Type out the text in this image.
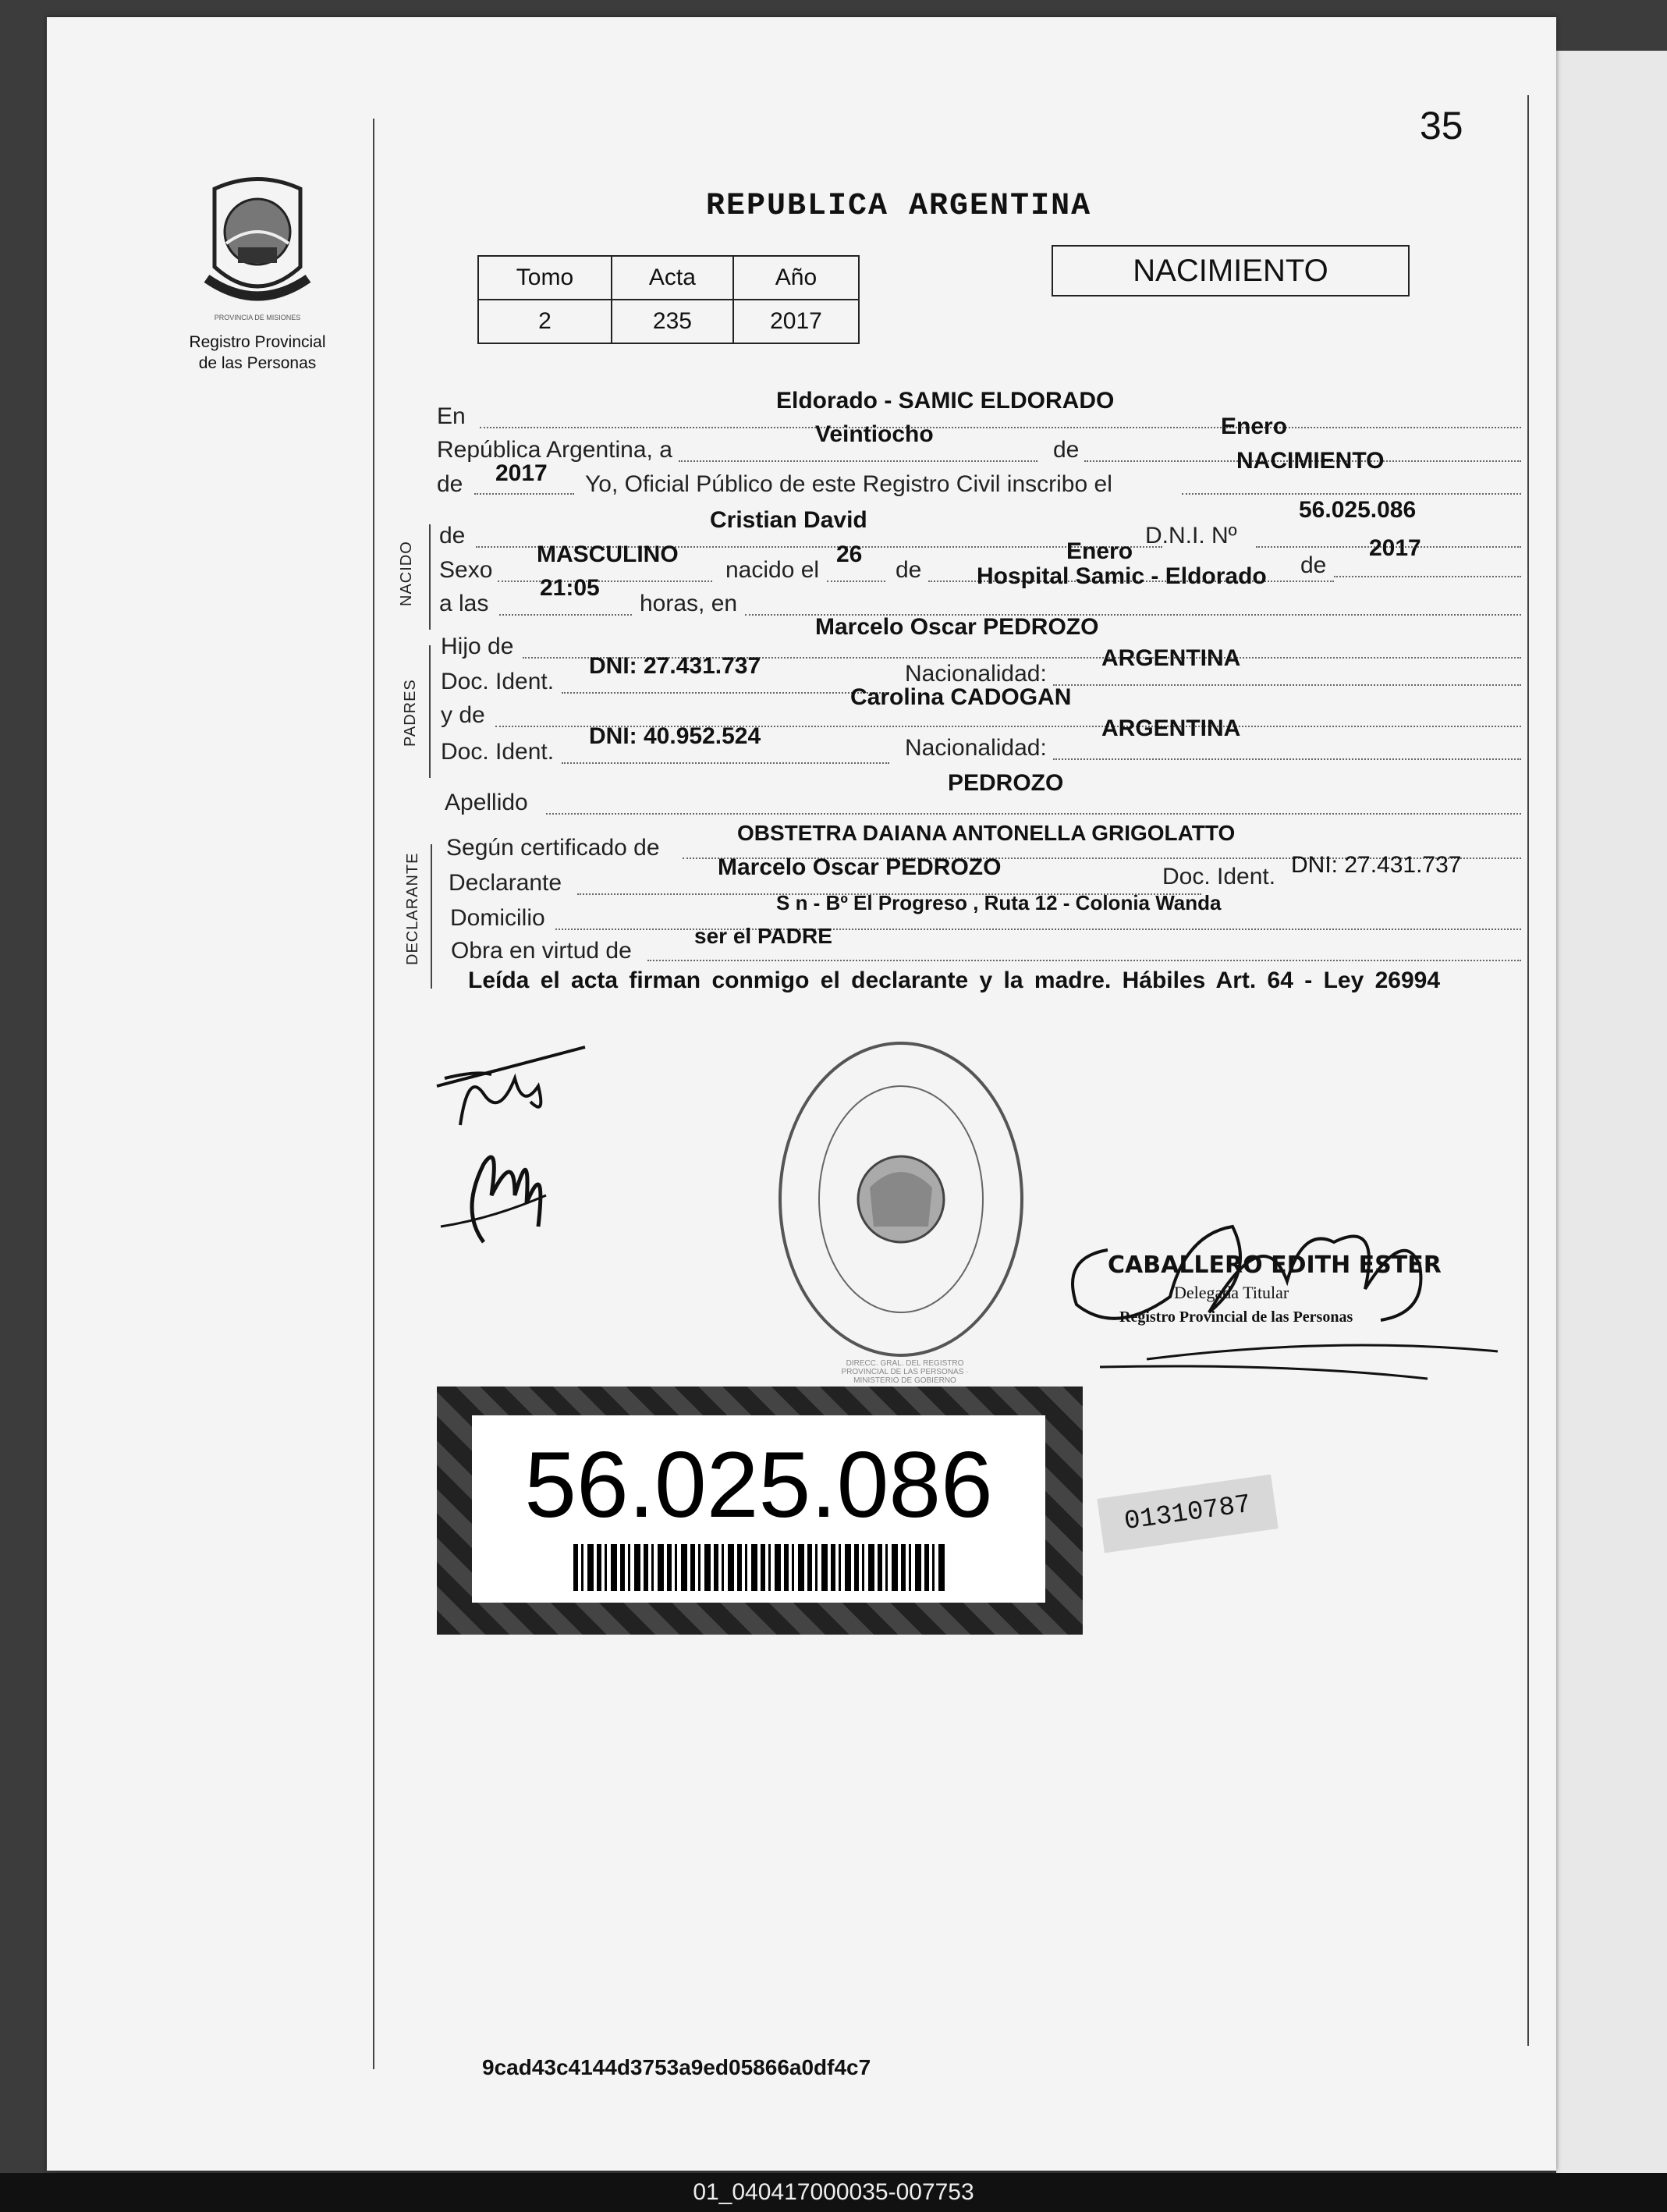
35
PROVINCIA DE MISIONES
Registro Provincial
de las Personas
REPUBLICA ARGENTINA
Tomo	Acta	Año
2	235	2017
NACIMIENTO
En
Eldorado - SAMIC ELDORADO
República Argentina, a
Veintiocho
de
Enero
de 2017 Yo, Oficial Público de este Registro Civil inscribo el
NACIMIENTO
NACIDO
de
Cristian David
D.N.I. Nº
56.025.086
Sexo
MASCULINO
nacido el
26
de
Enero
de
2017
a las
21:05
horas, en
Hospital Samic - Eldorado
PADRES
Hijo de
Marcelo Oscar PEDROZO
Doc. Ident.
DNI: 27.431.737	Nacionalidad:
ARGENTINA
y de
Carolina CADOGAN
Doc. Ident.
DNI: 40.952.524	Nacionalidad:
ARGENTINA
Apellido
PEDROZO
DECLARANTE
Según certificado de
OBSTETRA DAIANA ANTONELLA GRIGOLATTO
Declarante
Marcelo Oscar PEDROZO	Doc. Ident. DNI: 27.431.737
Domicilio
S n - Bº El Progreso , Ruta 12 - Colonia Wanda
Obra en virtud de
ser el PADRE
Leída el acta firman conmigo el declarante y la madre. Hábiles Art. 64 - Ley 26994
DIRECC. GRAL. DEL REGISTRO PROVINCIAL DE LAS PERSONAS · MINISTERIO DE GOBIERNO
CABALLERO EDITH ESTER
Delegada Titular
Registro Provincial de las Personas
56.025.086	01310787
9cad43c4144d3753a9ed05866a0df4c7
01_040417000035-007753
